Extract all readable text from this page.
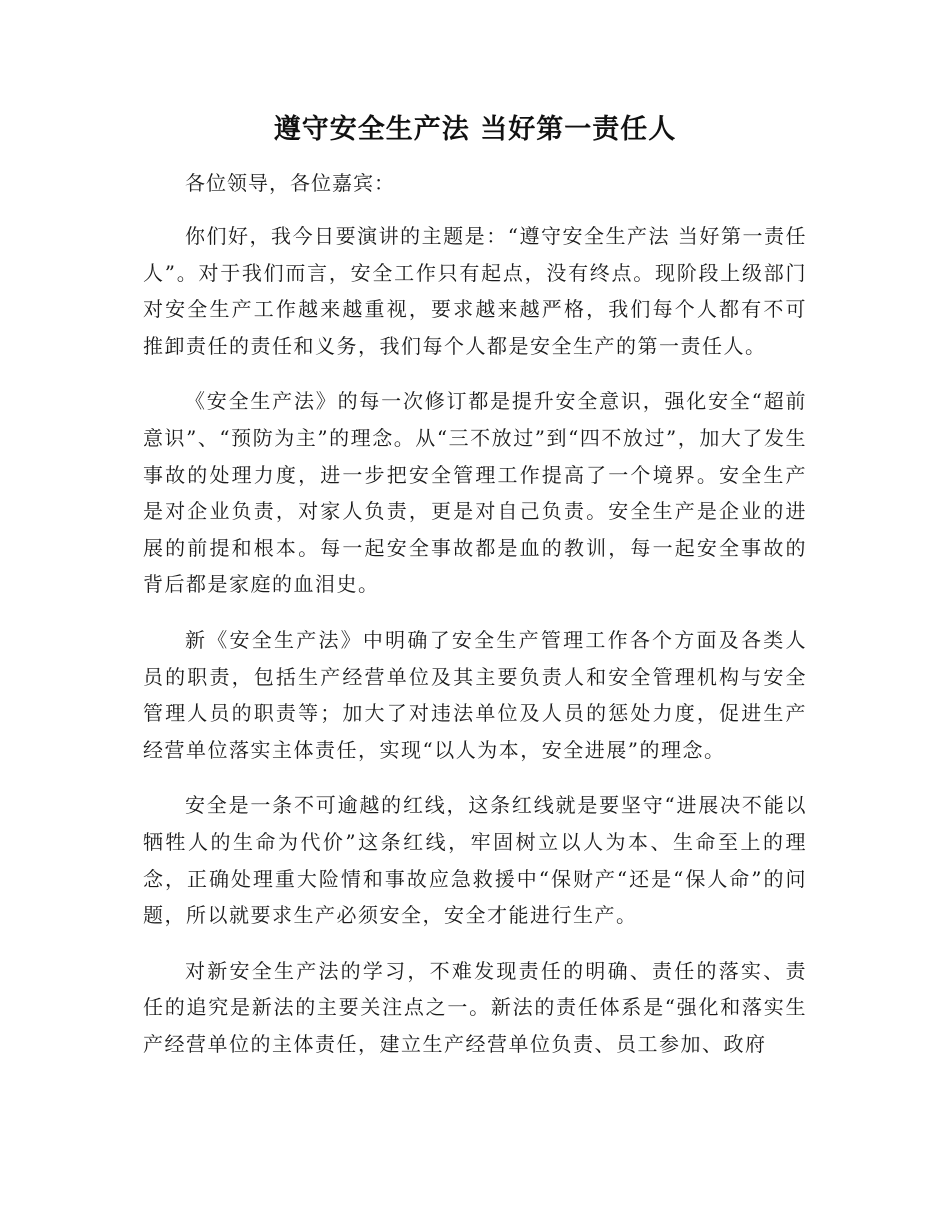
遵守安全生产法 当好第一责任人

各位领导，各位嘉宾：

你们好，我今日要演讲的主题是：“遵守安全生产法 当好第一责任人”。对于我们而言，安全工作只有起点，没有终点。现阶段上级部门对安全生产工作越来越重视，要求越来越严格，我们每个人都有不可推卸责任的责任和义务，我们每个人都是安全生产的第一责任人。

《安全生产法》的每一次修订都是提升安全意识，强化安全“超前意识”、“预防为主”的理念。从“三不放过”到“四不放过”，加大了发生事故的处理力度，进一步把安全管理工作提高了一个境界。安全生产是对企业负责，对家人负责，更是对自己负责。安全生产是企业的进展的前提和根本。每一起安全事故都是血的教训，每一起安全事故的背后都是家庭的血泪史。

新《安全生产法》中明确了安全生产管理工作各个方面及各类人员的职责，包括生产经营单位及其主要负责人和安全管理机构与安全管理人员的职责等；加大了对违法单位及人员的惩处力度，促进生产经营单位落实主体责任，实现“以人为本，安全进展”的理念。

安全是一条不可逾越的红线，这条红线就是要坚守“进展决不能以牺牲人的生命为代价”这条红线，牢固树立以人为本、生命至上的理念，正确处理重大险情和事故应急救援中“保财产“还是“保人命”的问题，所以就要求生产必须安全，安全才能进行生产。

对新安全生产法的学习，不难发现责任的明确、责任的落实、责任的追究是新法的主要关注点之一。新法的责任体系是“强化和落实生产经营单位的主体责任，建立生产经营单位负责、员工参加、政府
